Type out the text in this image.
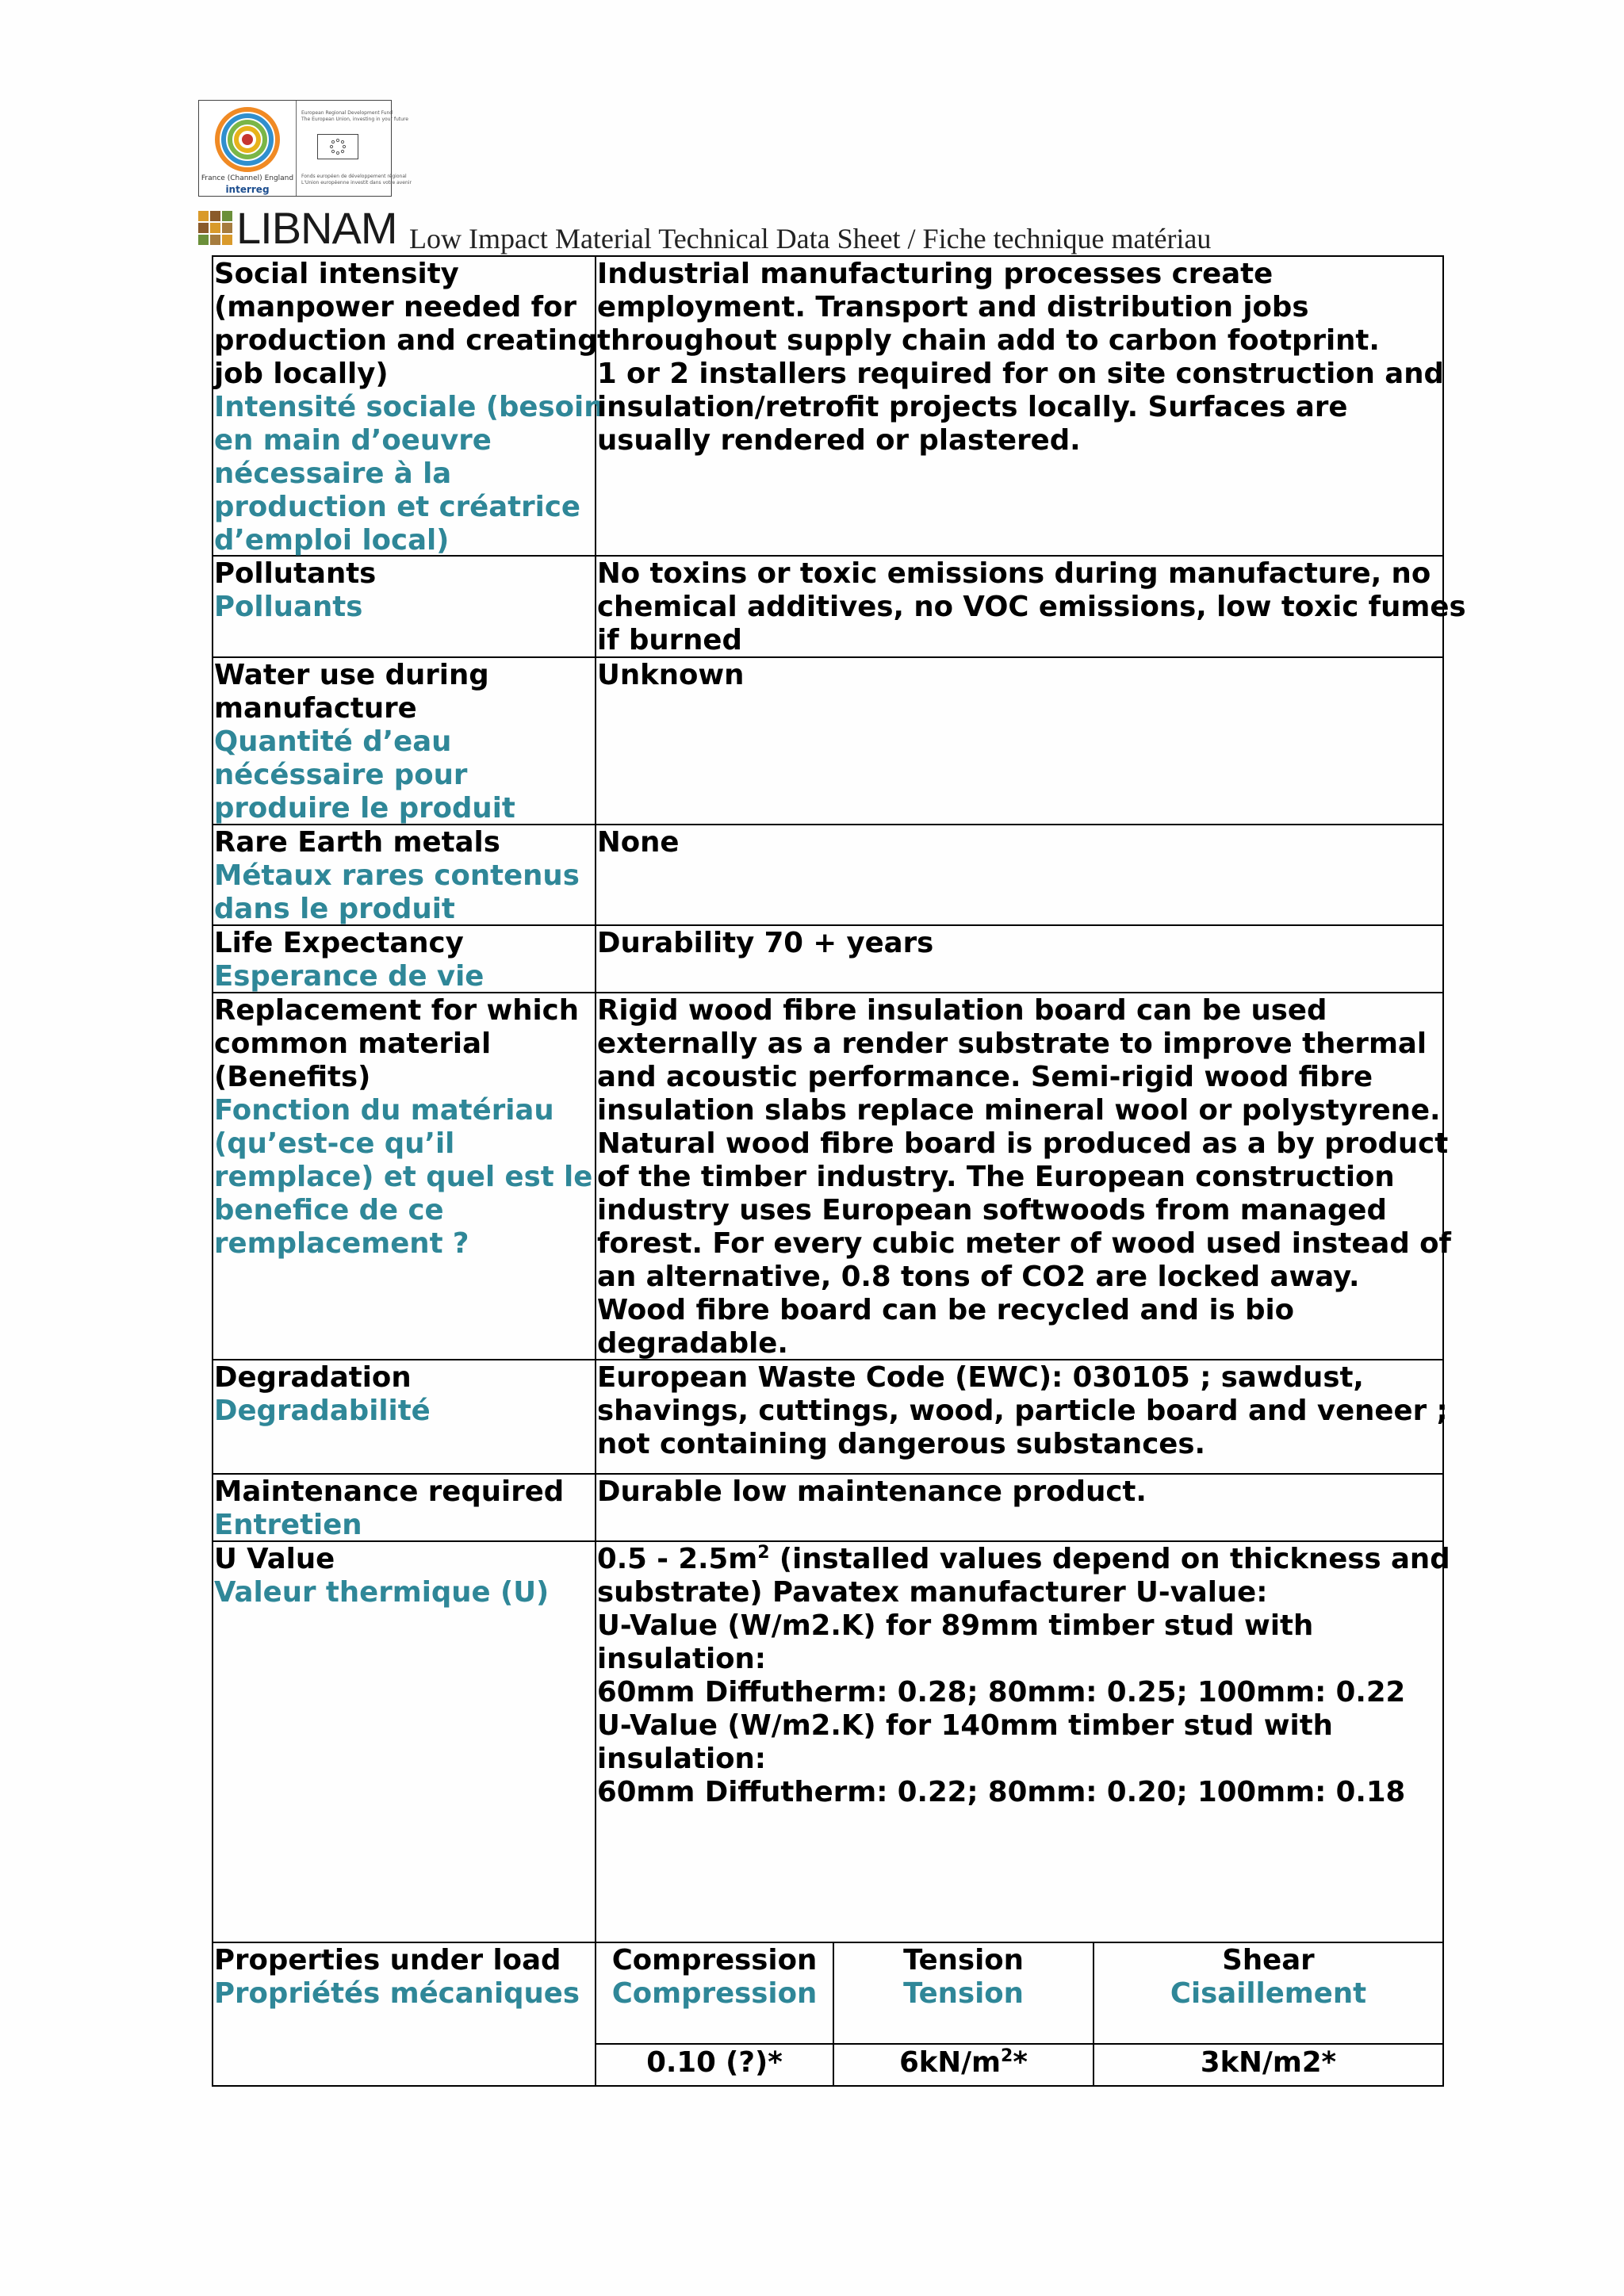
France (Channel) England
interreg
European Regional Development Fund
The European Union, investing in your future
Fonds européen de développement régional
L'Union européenne investit dans votre avenir
LIBNAM Low Impact Material Technical Data Sheet / Fiche technique matériau
Social intensity
(manpower needed for
production and creating
job locally)
Intensité sociale (besoin
en main d’oeuvre
nécessaire à la
production et créatrice
d’emploi local)
Industrial manufacturing processes create
employment. Transport and distribution jobs
throughout supply chain add to carbon footprint.
1 or 2 installers required for on site construction and
insulation/retrofit projects locally. Surfaces are
usually rendered or plastered.
Pollutants
Polluants
No toxins or toxic emissions during manufacture, no
chemical additives, no VOC emissions, low toxic fumes
if burned
Water use during
manufacture
Quantité d’eau
nécéssaire pour
produire le produit
Unknown
Rare Earth metals
Métaux rares contenus
dans le produit
None
Life Expectancy
Esperance de vie
Durability 70 + years
Replacement for which
common material
(Benefits)
Fonction du matériau
(qu’est-ce qu’il
remplace) et quel est le
benefice de ce
remplacement ?
Rigid wood fibre insulation board can be used
externally as a render substrate to improve thermal
and acoustic performance. Semi-rigid wood fibre
insulation slabs replace mineral wool or polystyrene.
Natural wood fibre board is produced as a by product
of the timber industry. The European construction
industry uses European softwoods from managed
forest. For every cubic meter of wood used instead of
an alternative, 0.8 tons of CO2 are locked away.
Wood fibre board can be recycled and is bio
degradable.
Degradation
Degradabilité
European Waste Code (EWC): 030105 ; sawdust,
shavings, cuttings, wood, particle board and veneer ;
not containing dangerous substances.
Maintenance required
Entretien
Durable low maintenance product.
U Value
Valeur thermique (U)
$0.5 - 2.5m^2$ (installed values depend on thickness and
substrate) Pavatex manufacturer U-value:
U-Value (W/m2.K) for 89mm timber stud with
insulation:
60mm Diffutherm: 0.28; 80mm: 0.25; 100mm: 0.22
U-Value (W/m2.K) for 140mm timber stud with
insulation:
60mm Diffutherm: 0.22; 80mm: 0.20; 100mm: 0.18
Properties under load
Propriétés mécaniques
Compression
Compression
Tension
Tension
Shear
Cisaillement
0.10 (?)*	$6kN/m^2*$	3kN/m2*
